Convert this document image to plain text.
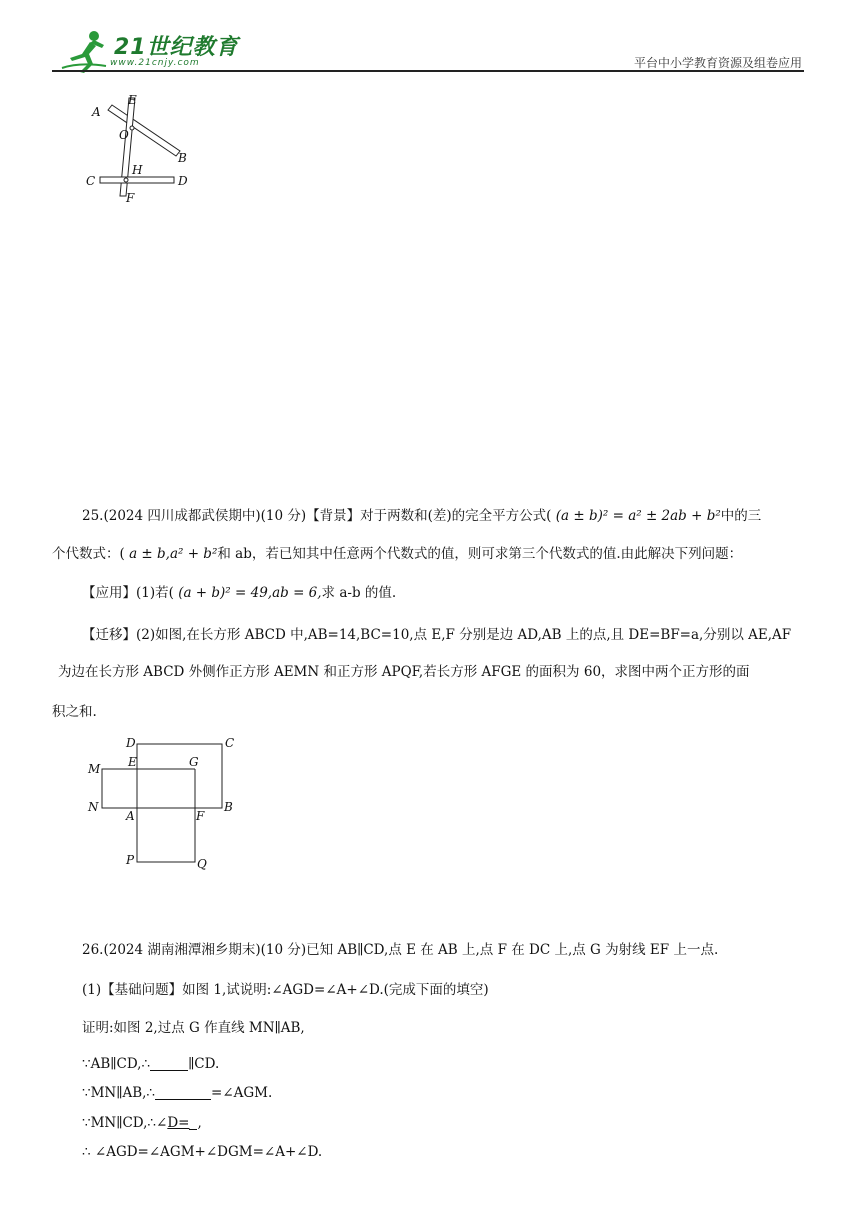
21世纪教育
www.21cnjy.com	平台中小学教育资源及组卷应用
A
E
O
B
C
H
D
F
25.(2024 四川成都武侯期中)(10 分)【背景】对于两数和(差)的完全平方公式( (a ± b)² = a² ± 2ab + b²中的三
个代数式：( a ± b,a² + b²和 ab，若已知其中任意两个代数式的值，则可求第三个代数式的值.由此解决下列问题：
【应用】(1)若( (a + b)² = 49,ab = 6,求 a-b 的值.
【迁移】(2)如图,在长方形 ABCD 中,AB=14,BC=10,点 E,F 分别是边 AD,AB 上的点,且 DE=BF=a,分别以 AE,AF
为边在长方形 ABCD 外侧作正方形 AEMN 和正方形 APQF,若长方形 AFGE 的面积为 60，求图中两个正方形的面
积之和.
D	C
M E	G
N	B
A	F
P	Q
26.(2024 湖南湘潭湘乡期末)(10 分)已知 AB∥CD,点 E 在 AB 上,点 F 在 DC 上,点 G 为射线 EF 上一点.
(1)【基础问题】如图 1,试说明:∠AGD=∠A+∠D.(完成下面的填空)
证明:如图 2,过点 G 作直线 MN∥AB,
∵AB∥CD,∴	∥CD.
∵MN∥AB,∴	=∠AGM.
∵MN∥CD,∴∠D= ,
∴ ∠AGD=∠AGM+∠DGM=∠A+∠D.
